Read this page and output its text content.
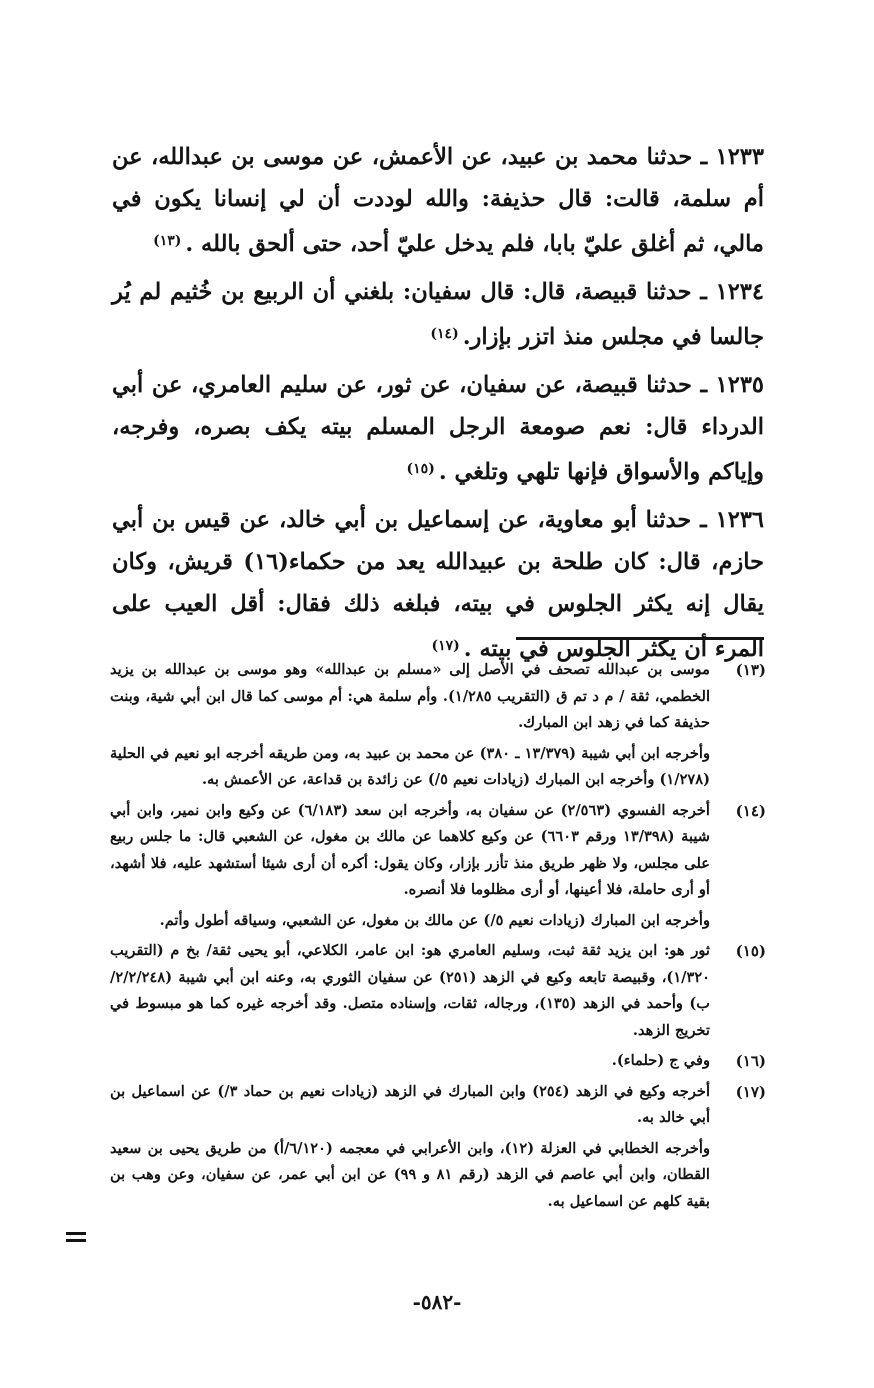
١٢٣٣ ـ حدثنا محمد بن عبيد، عن الأعمش، عن موسى بن عبدالله، عن أم سلمة، قالت: قال حذيفة: والله لوددت أن لي إنسانا يكون في مالي، ثم أغلق عليّ بابا، فلم يدخل عليّ أحد، حتى ألحق بالله .$^{(١٣)}$

١٢٣٤ ـ حدثنا قبيصة، قال: قال سفيان: بلغني أن الربيع بن خُثيم لم يُر جالسا في مجلس منذ اتزر بإزار.$^{(١٤)}$

١٢٣٥ ـ حدثنا قبيصة، عن سفيان، عن ثور، عن سليم العامري، عن أبي الدرداء قال: نعم صومعة الرجل المسلم بيته يكف بصره، وفرجه، وإياكم والأسواق فإنها تلهي وتلغي .$^{(١٥)}$

١٢٣٦ ـ حدثنا أبو معاوية، عن إسماعيل بن أبي خالد، عن قيس بن أبي حازم، قال: كان طلحة بن عبيدالله يعد من حكماء(١٦) قريش، وكان يقال إنه يكثر الجلوس في بيته، فبلغه ذلك فقال: أقل العيب على المرء أن يكثر الجلوس في بيته .$^{(١٧)}$

(١٣)

موسى بن عبدالله تصحف في الأصل إلى «مسلم بن عبدالله» وهو موسى بن عبدالله بن يزيد الخطمي، ثقة / م د تم ق (التقريب ١/٢٨٥). وأم سلمة هي: أم موسى كما قال ابن أبي شية، وبنت حذيفة كما في زهد ابن المبارك.

وأخرجه ابن أبي شيبة (١٣/٣٧٩ ـ ٣٨٠) عن محمد بن عبيد به، ومن طريقه أخرجه ابو نعيم في الحلية (١/٢٧٨) وأخرجه ابن المبارك (زيادات نعيم ٥/) عن زائدة بن قداعة، عن الأعمش به.

(١٤)

أخرجه الفسوي (٢/٥٦٣) عن سفيان به، وأخرجه ابن سعد (٦/١٨٣) عن وكيع وابن نمير، وابن أبي شيبة (١٣/٣٩٨ ورقم ٦٦٠٣) عن وكيع كلاهما عن مالك بن مغول، عن الشعبي قال: ما جلس ربيع على مجلس، ولا ظهر طريق منذ تأزر بإزار، وكان يقول: أكره أن أرى شيئا أستشهد عليه، فلا أشهد، أو أرى حاملة، فلا أعينها، أو أرى مظلوما فلا أنصره.

وأخرجه ابن المبارك (زيادات نعيم ٥/) عن مالك بن مغول، عن الشعبي، وسياقه أطول وأتم.

(١٥)

ثور هو: ابن يزيد ثقة ثبت، وسليم العامري هو: ابن عامر، الكلاعي، أبو يحيى ثقة/ بخ م (التقريب ١/٣٢٠)، وقبيصة تابعه وكيع في الزهد (٢٥١) عن سفيان الثوري به، وعنه ابن أبي شيبة (٢/٢/٢٤٨/ب) وأحمد في الزهد (١٣٥)، ورجاله، ثقات، وإسناده متصل. وقد أخرجه غيره كما هو مبسوط في تخريج الزهد.

(١٦)

وفي ج (حلماء).

(١٧)

أخرجه وكيع في الزهد (٢٥٤) وابن المبارك في الزهد (زيادات نعيم بن حماد ٣/) عن اسماعيل بن أبي خالد به.

وأخرجه الخطابي في العزلة (١٢)، وابن الأعرابي في معجمه (٦/١٢٠/أ) من طريق يحيى بن سعيد القطان، وابن أبي عاصم في الزهد (رقم ٨١ و ٩٩) عن ابن أبي عمر، عن سفيان، وعن وهب بن بقية كلهم عن اسماعيل به.

-٥٨٢-
